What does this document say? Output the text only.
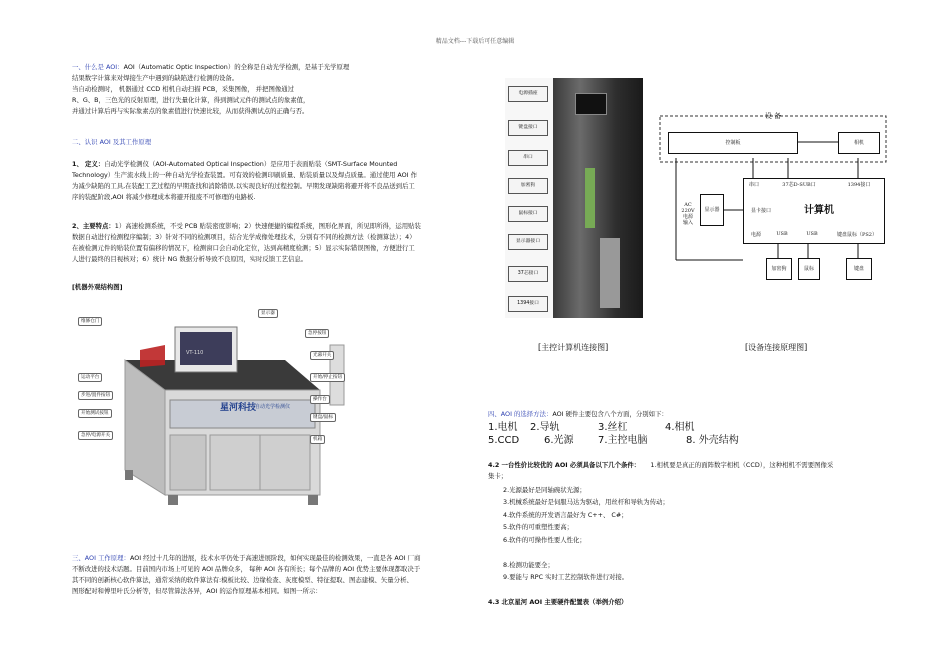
精品文档---下载后可任意编辑
一、什么是 AOI：AOI（Automatic Optic Inspection）的全称是自动光学检测，是基于光学原理
结果数字计算来对焊接生产中遇到的缺陷进行检测的设备。
当自动检测时， 机器通过 CCD 相机自动扫描 PCB，采集图像， 并把图像通过
R、G、B，三色光的反射原理，进行失量化计算，得到测试元件的测试点的象素值，
并通过计算后再与实际象素点的象素值进行快速比较，从而获得测试点的正确与否。
二、认识 AOI 及其工作原理
1、 定义：自动光学检测仪（AOI-Automated Optical Inspection）是应用于表面贴装（SMT-Surface Mounted
Technology）生产流水线上的一种自动光学检查装置。可有效的检测印刷质量、贴装质量以及焊点质量。通过使用 AOI 作
为减少缺陷的工具,在装配工艺过程的早期查找和消除错误,以实现良好的过程控制。早期发现缺陷将避开将不良品送到后工
序的装配阶段,AOI 将减少修理成本将避开报废不可修理的电路板.
2、主要特点：1）高速检测系统，不受 PCB 贴装密度影响；2）快速便捷的编程系统，图形化界面，所见即所得，运用贴装
数据自动进行检测程序编制；3）针对不同的检测项目，结合光学成像处理技术，分别有不同的检测方法（检测算法）；4）
在被检测元件的贴装位置有偏移的情况下，检测窗口会自动化定位，达到高精度检测；5）显示实际错误图像，方便进行工
人进行最终的目视核对；6）统计 NG 数据分析导致不良原因，实时反馈工艺信息。
[机器外观结构图]
星河科技
自动光学检测仪
VT-110
维修仓门
运动平台
步进/置件按钮
开始测试按钮
急停/电源开关
显示器
急停按钮
光幕开关
开始/停止按钮
操作台
键盘/鼠标
机箱
三、AOI 工作原理：AOI 经过十几年的进展，技术水平仍处于高速进展阶段，如何实现最佳的检测效果，一直是各 AOI 厂商
不断改进的技术话题。目前国内市场上可见的 AOI 品牌众多， 每种 AOI 各有所长；每个品牌的 AOI 优势主要体现都取决于
其不同的创新核心软件算法，通常采纳的软件算法有:模板比较、边缘检查、灰度模型、特征提取、图态建模、矢量分析、
图形配对和傅里叶氏分析等，但尽管算法各异，AOI 的运作原理基本相同。如图一所示：
电源插座
键盘接口
串口
加密狗
鼠标接口
显示器接口
37芯接口
1394接口
[主控计算机连接图]
设 备
控制板	相机
串口	37芯D-SUB口	1394接口
显卡接口	计算机
电源	USB	USB	键盘鼠标（PS2）
显示器
AC
220V
电源
输入
加密狗	鼠标	键盘
[设备连接原理图]
四、AOI 的选择方法：AOI 硬件主要包含八个方面，分别如下：
1.电机 2.导轨	3.丝杠	4.相机
5.CCD 6.光源 7.主控电脑	8. 外壳结构
4.2 一台性价比较优的 AOI 必须具备以下几个条件： 1.相机要是真正的面阵数字相机（CCD），这种相机不需要图像采
集卡；
2.光源最好是同轴碗状光源；
3.机械系统最好是伺服马达为驱动，用丝杆和导轨为传动；
4.软件系统的开发语言最好为 C++、 C#；
5.软件的可重塑性要高；
6.软件的可操作性要人性化；
8.检测功能要全；
9.要能与 RPC 实时工艺控制软件进行对接。
4.3 北京星河 AOI 主要硬件配置表（举例介绍）
